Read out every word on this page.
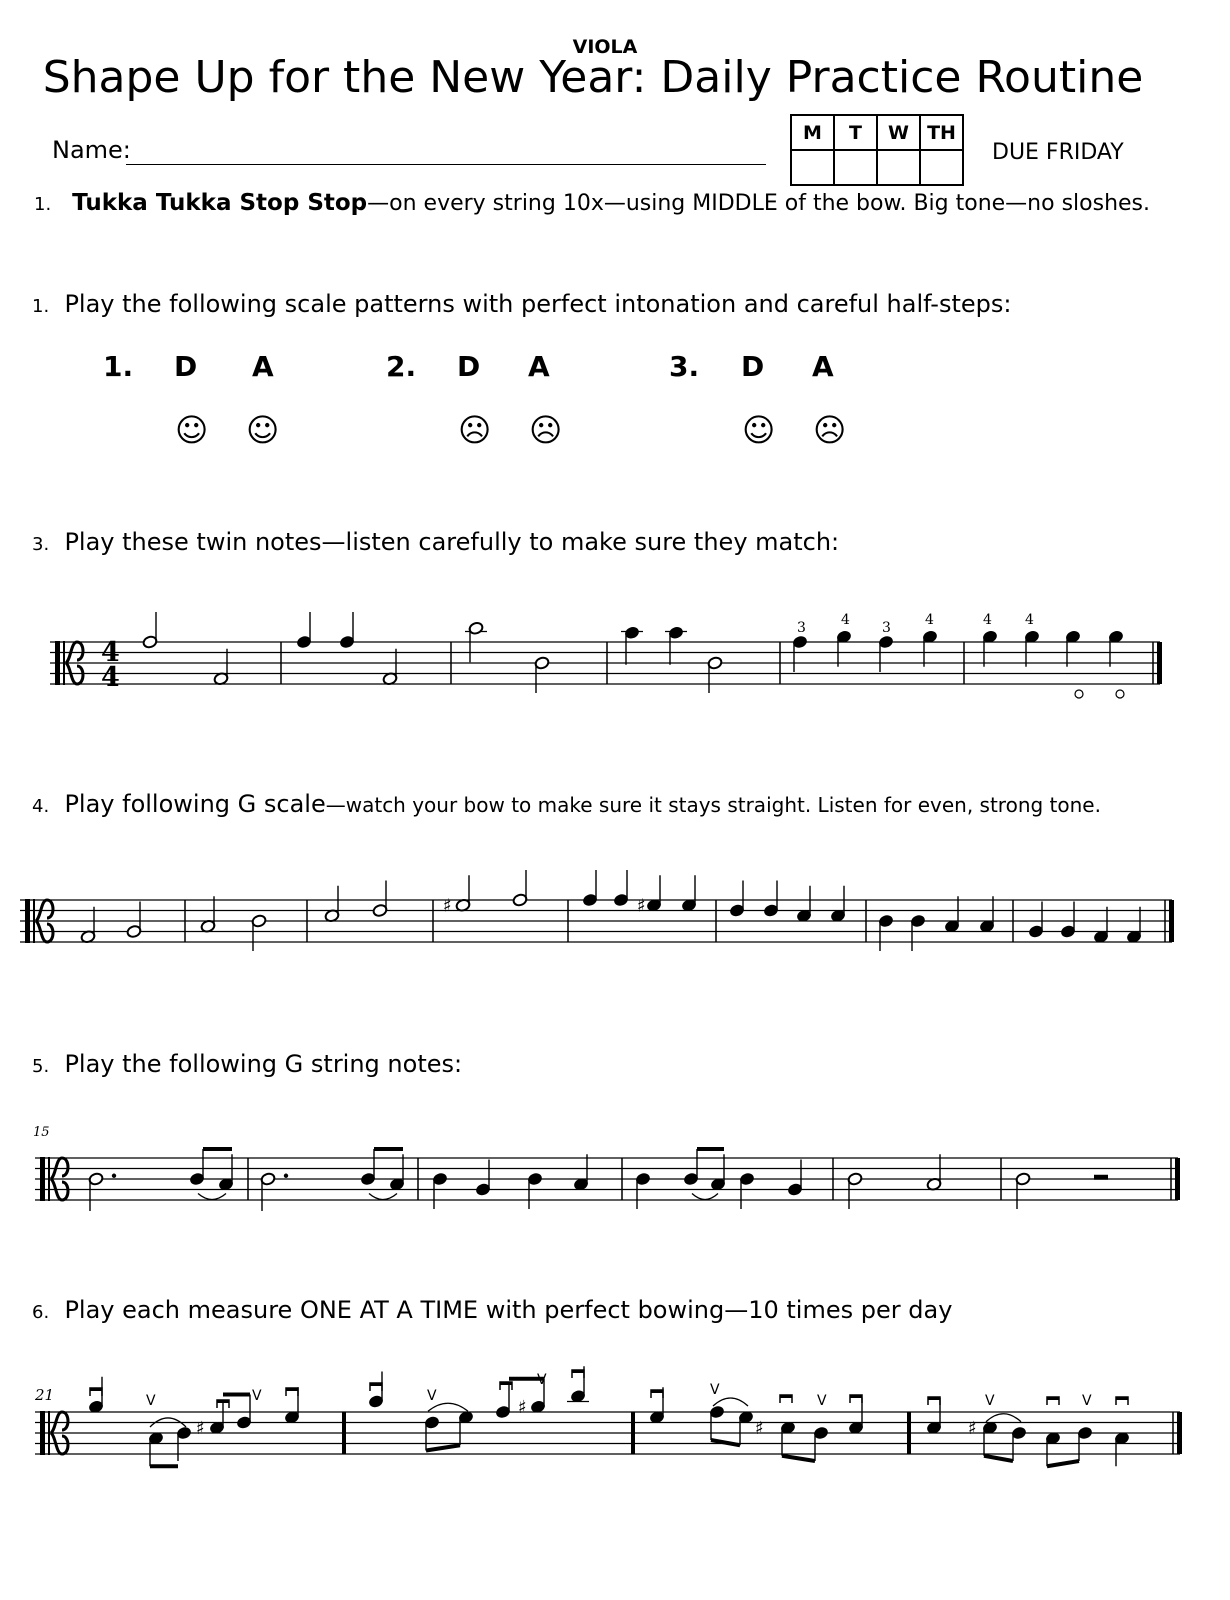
VIOLA
Shape Up for the New Year: Daily Practice Routine
Name:
M	T	W	TH

DUE FRIDAY
1. Tukka Tukka Stop Stop—on every string 10x—using MIDDLE of the bow. Big tone—no sloshes.
1. Play the following scale patterns with perfect intonation and careful half-steps:
1. D A	2. D A	3. D A
☺ ☺	☹ ☹	☺ ☹
3. Play these twin notes—listen carefully to make sure they match:
4. Play following G scale—watch your bow to make sure it stays straight. Listen for even, strong tone.
5. Play the following G string notes:
6. Play each measure ONE AT A TIME with perfect bowing—10 times per day
♯	♯
V
♯
V	V
♯
V
V
♯
V
♯
V	V
4
4
15
21
3	4 3 4	4 4
